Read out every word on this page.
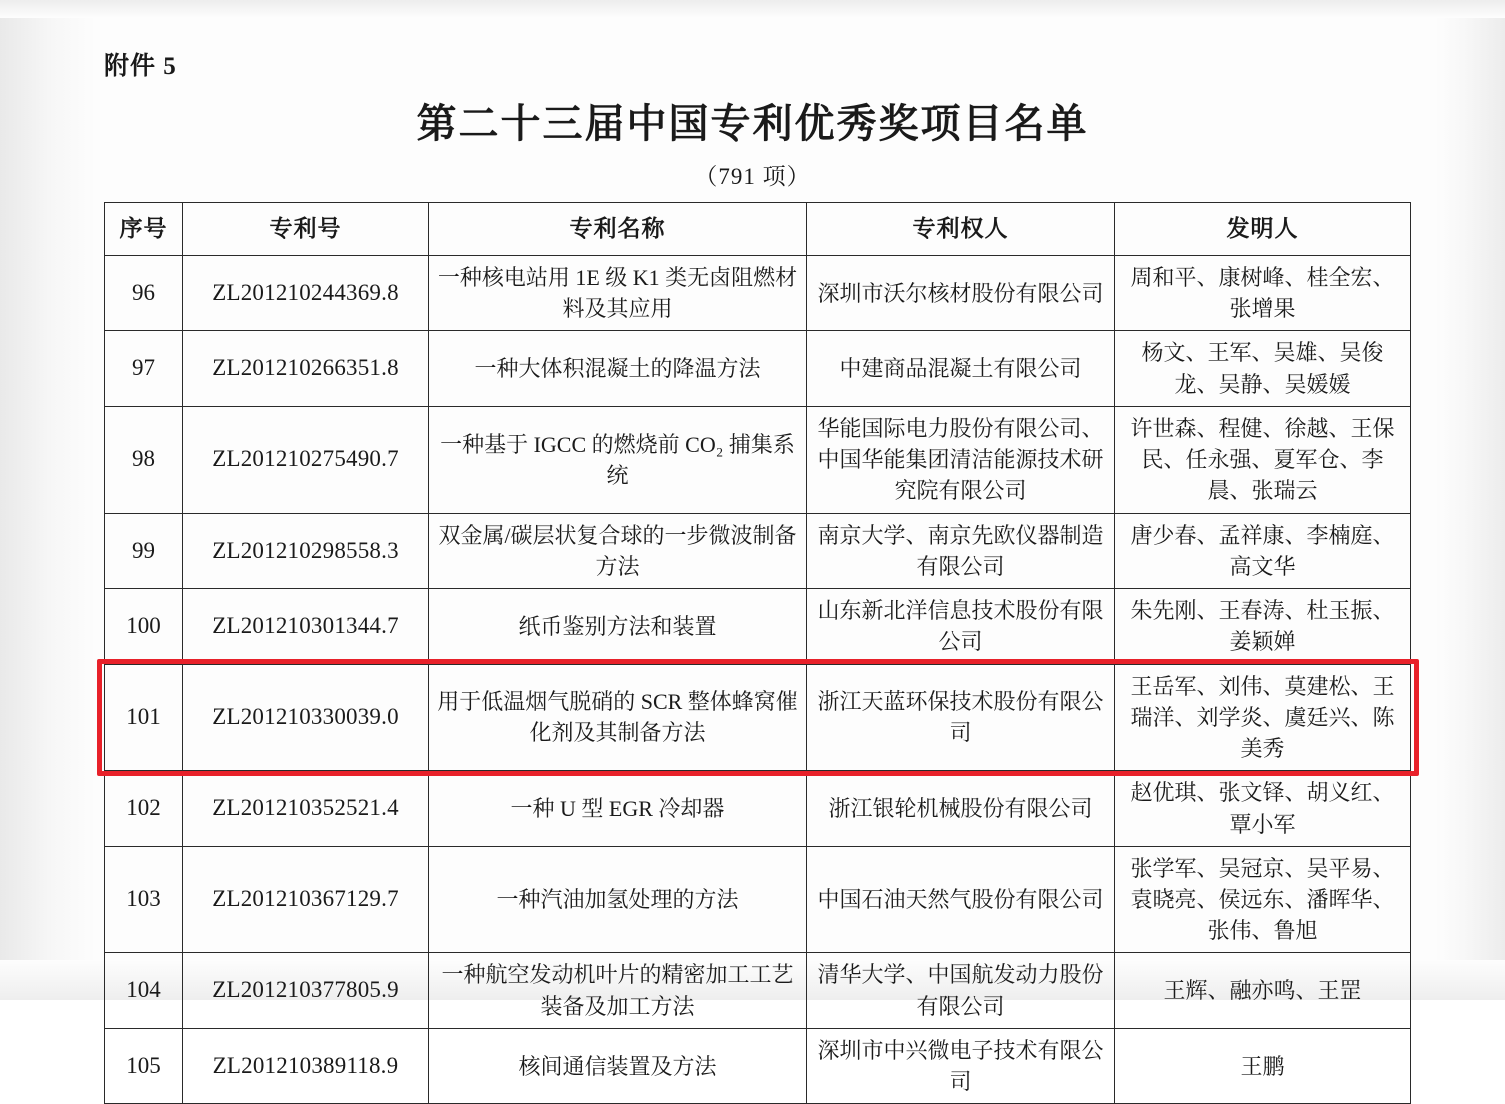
附件 5
第二十三届中国专利优秀奖项目名单
（791 项）
序号	专利号	专利名称	专利权人	发明人
96	ZL201210244369.8	一种核电站用 1E 级 K1 类无卤阻燃材料及其应用	深圳市沃尔核材股份有限公司	周和平、康树峰、桂全宏、张增果
97	ZL201210266351.8	一种大体积混凝土的降温方法	中建商品混凝土有限公司	杨文、王军、吴雄、吴俊龙、吴静、吴媛媛
98	ZL201210275490.7	一种基于 IGCC 的燃烧前 CO₂ 捕集系统	华能国际电力股份有限公司、中国华能集团清洁能源技术研究院有限公司	许世森、程健、徐越、王保民、任永强、夏军仓、李晨、张瑞云
99	ZL201210298558.3	双金属/碳层状复合球的一步微波制备方法	南京大学、南京先欧仪器制造有限公司	唐少春、孟祥康、李楠庭、高文华
100	ZL201210301344.7	纸币鉴别方法和装置	山东新北洋信息技术股份有限公司	朱先刚、王春涛、杜玉振、姜颖婵
101	ZL201210330039.0	用于低温烟气脱硝的 SCR 整体蜂窝催化剂及其制备方法	浙江天蓝环保技术股份有限公司	王岳军、刘伟、莫建松、王瑞洋、刘学炎、虞廷兴、陈美秀
102	ZL201210352521.4	一种 U 型 EGR 冷却器	浙江银轮机械股份有限公司	赵优琪、张文铎、胡义红、覃小军
103	ZL201210367129.7	一种汽油加氢处理的方法	中国石油天然气股份有限公司	张学军、吴冠京、吴平易、袁晓亮、侯远东、潘晖华、张伟、鲁旭
104	ZL201210377805.9	一种航空发动机叶片的精密加工工艺装备及加工方法	清华大学、中国航发动力股份有限公司	王辉、融亦鸣、王罡
105	ZL201210389118.9	核间通信装置及方法	深圳市中兴微电子技术有限公司	王鹏
